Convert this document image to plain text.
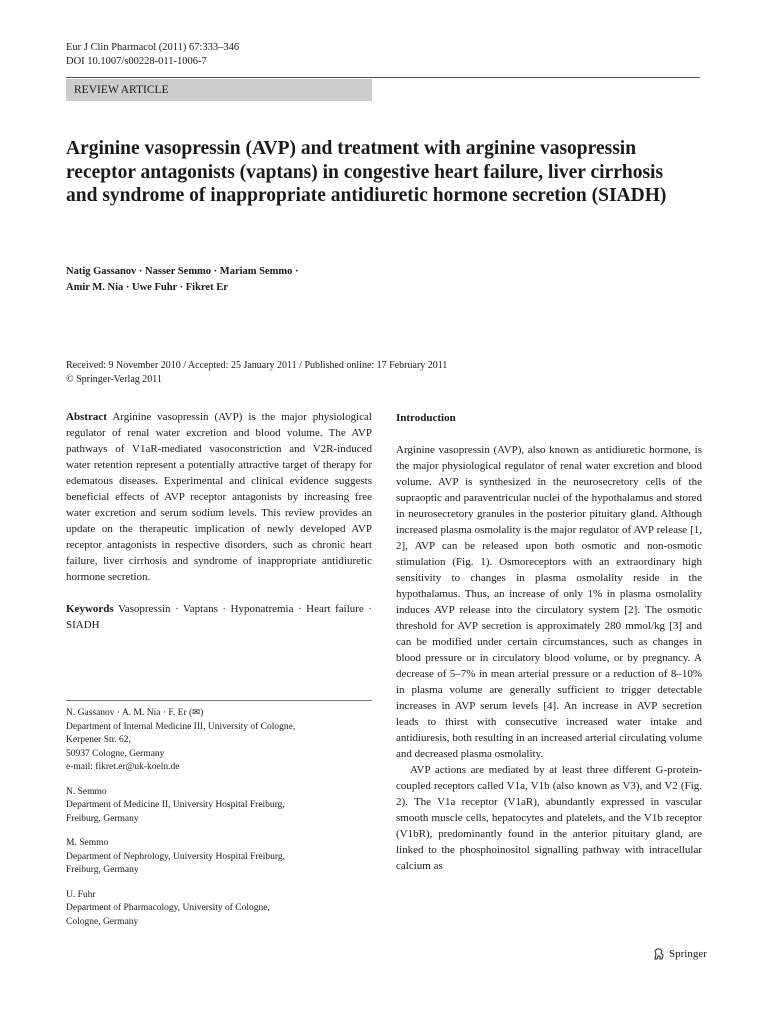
Eur J Clin Pharmacol (2011) 67:333–346
DOI 10.1007/s00228-011-1006-7
REVIEW ARTICLE
Arginine vasopressin (AVP) and treatment with arginine vasopressin receptor antagonists (vaptans) in congestive heart failure, liver cirrhosis and syndrome of inappropriate antidiuretic hormone secretion (SIADH)
Natig Gassanov · Nasser Semmo · Mariam Semmo ·
Amir M. Nia · Uwe Fuhr · Fikret Er
Received: 9 November 2010 / Accepted: 25 January 2011 / Published online: 17 February 2011
© Springer-Verlag 2011

Abstract Arginine vasopressin (AVP) is the major physiological regulator of renal water excretion and blood volume. The AVP pathways of V1aR-mediated vasoconstriction and V2R-induced water retention represent a potentially attractive target of therapy for edematous diseases. Experimental and clinical evidence suggests beneficial effects of AVP receptor antagonists by increasing free water excretion and serum sodium levels. This review provides an update on the therapeutic implication of newly developed AVP receptor antagonists in respective disorders, such as chronic heart failure, liver cirrhosis and syndrome of inappropriate antidiuretic hormone secretion.

Keywords Vasopressin · Vaptans · Hyponatremia · Heart failure · SIADH

N. Gassanov · A. M. Nia · F. Er (✉)
Department of Internal Medicine III, University of Cologne,
Kerpener Str. 62,
50937 Cologne, Germany
e-mail: fikret.er@uk-koeln.de
N. Semmo
Department of Medicine II, University Hospital Freiburg,
Freiburg, Germany
M. Semmo
Department of Nephrology, University Hospital Freiburg,
Freiburg, Germany
U. Fuhr
Department of Pharmacology, University of Cologne,
Cologne, Germany

Introduction

Arginine vasopressin (AVP), also known as antidiuretic hormone, is the major physiological regulator of renal water excretion and blood volume. AVP is synthesized in the neurosecretory cells of the supraoptic and paraventricular nuclei of the hypothalamus and stored in neurosecretory granules in the posterior pituitary gland. Although increased plasma osmolality is the major regulator of AVP release [1, 2], AVP can be released upon both osmotic and non-osmotic stimulation (Fig. 1). Osmoreceptors with an extraordinary high sensitivity to changes in plasma osmolality reside in the hypothalamus. Thus, an increase of only 1% in plasma osmolality induces AVP release into the circulatory system [2]. The osmotic threshold for AVP secretion is approximately 280 mmol/kg [3] and can be modified under certain circumstances, such as changes in blood pressure or in circulatory blood volume, or by pregnancy. A decrease of 5–7% in mean arterial pressure or a reduction of 8–10% in plasma volume are generally sufficient to trigger detectable increases in AVP serum levels [4]. An increase in AVP secretion leads to thirst with consecutive increased water intake and antidiuresis, both resulting in an increased arterial circulating volume and decreased plasma osmolality.

AVP actions are mediated by at least three different G-protein-coupled receptors called V1a, V1b (also known as V3), and V2 (Fig. 2). The V1a receptor (V1aR), abundantly expressed in vascular smooth muscle cells, hepatocytes and platelets, and the V1b receptor (V1bR), predominantly found in the anterior pituitary gland, are linked to the phosphoinositol signalling pathway with intracellular calcium as

Springer
